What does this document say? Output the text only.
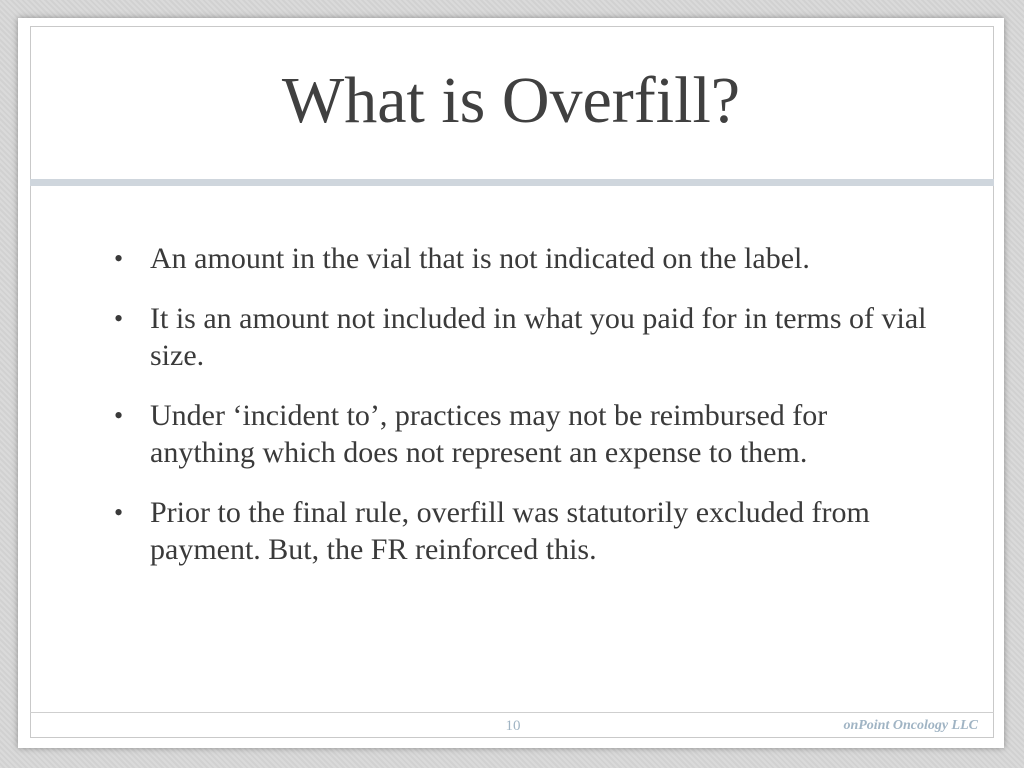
What is Overfill?
• An amount in the vial that is not indicated on the label.
• It is an amount not included in what you paid for in terms of vial size.
• Under ‘incident to’, practices may not be reimbursed for anything which does not represent an expense to them.
• Prior to the final rule, overfill was statutorily excluded from payment. But, the FR reinforced this.
10	onPoint Oncology LLC
